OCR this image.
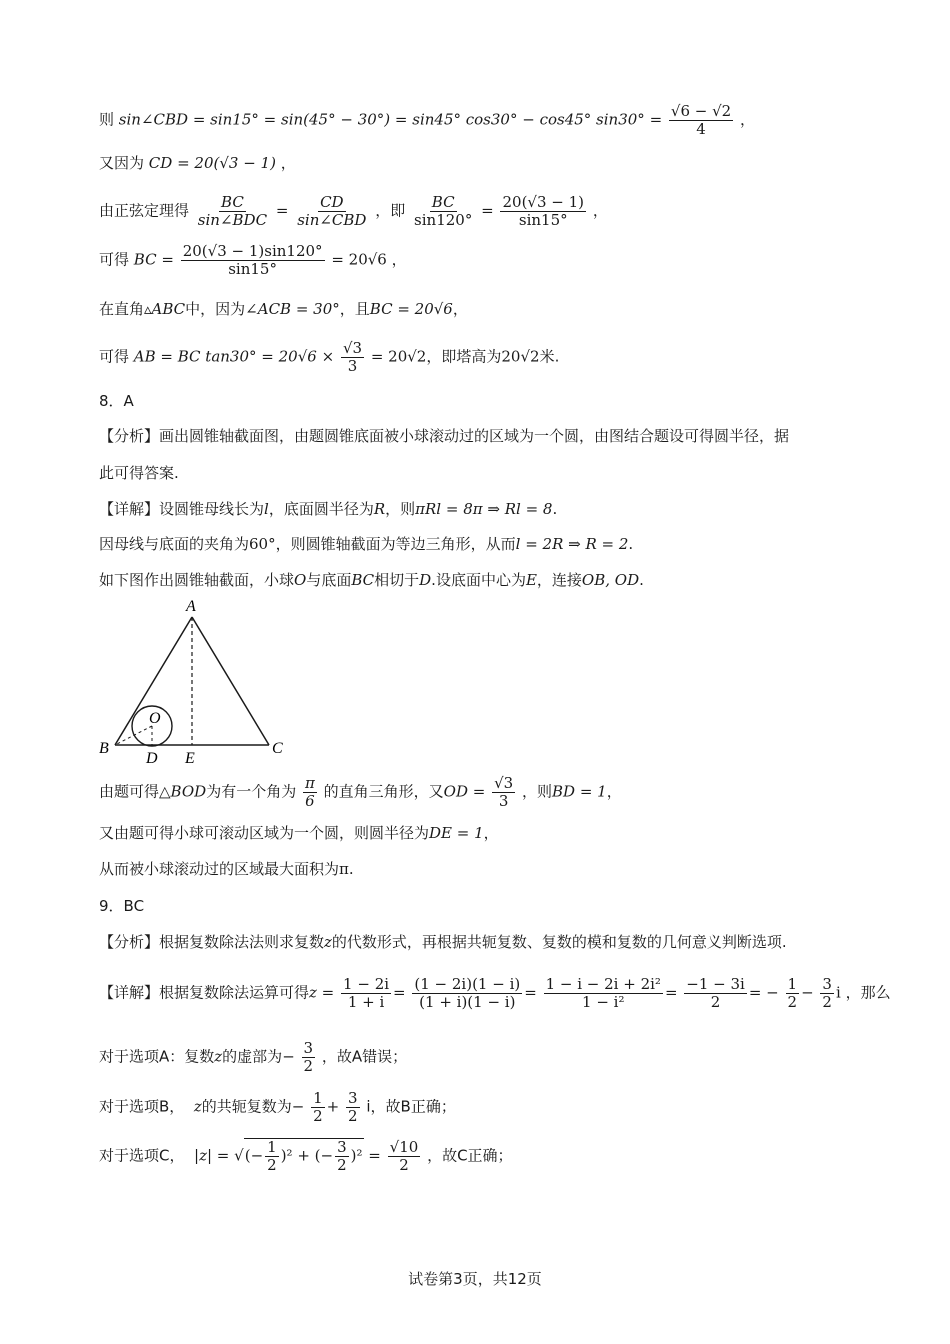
则 sin∠CBD = sin15° = sin(45° − 30°) = sin45° cos30° − cos45° $\sin 30^\circ = \frac{√6 - √2}{4}$ ，
又因为 CD = 20(√3 − 1) ，
由正弦定理得 $\frac{BC}{\text{sin∠BDC}} = \frac{CD}{\text{sin∠CBD}}$ ，即 $\frac{BC}{\sin 120^\circ} = \frac{20(√3 - 1)}{\sin 15^\circ}$ ，
可得 BC = $\frac{20(√3 - 1)\sin 120^\circ}{\sin 15^\circ} = 20√6$ ，
在直角▵ABC中，因为∠ACB = 30°，且BC = 20√6，
可得 AB = BC $\tan 30^\circ = 20√6 \times \frac{√3}{3} = 20√2$，即塔高为20√2米.
8．A
【分析】画出圆锥轴截面图，由题圆锥底面被小球滚动过的区域为一个圆，由图结合题设可得圆半径，据
此可得答案.
【详解】设圆锥母线长为l，底面圆半径为R，则πRl = 8π ⇒ Rl = 8.
因母线与底面的夹角为60°，则圆锥轴截面为等边三角形，从而l = 2R ⇒ R = 2.
如下图作出圆锥轴截面，小球O与底面BC相切于D.设底面中心为E，连接OB, OD.
A
O
B
D E
C
由题可得△BOD为有一个角为 $\frac{\pi}{6}$ 的直角三角形，又OD = $\frac{√3}{3}$ ，则BD = 1，
又由题可得小球可滚动区域为一个圆，则圆半径为DE = 1，
从而被小球滚动过的区域最大面积为π.
9．BC
【分析】根据复数除法法则求复数z的代数形式，再根据共轭复数、复数的模和复数的几何意义判断选项.
【详解】根据复数除法运算可得$z = \frac{1 - 2i}{1 + i} = \frac{(1 - 2i)(1 - i)}{(1 + i)(1 - i)} = \frac{\text{1 − i − 2i + 2i²}}{\text{1 − i²}} = \frac{-1 - 3i}{2}$ = − $\frac{1}{2} - \frac{3}{2}$ i ，那么
对于选项A：复数z的虚部为− $\frac{3}{2}$ ，故A错误；
对于选项B， z的共轭复数为− $\frac{1}{2} + \frac{3}{2}$ i，故B正确；
对于选项C， |z| = √(− $\frac{1}{2} )^2$ + (− $\frac{3}{2} )^2 = \frac{√10}{2}$ ，故C正确；
试卷第3页，共12页
